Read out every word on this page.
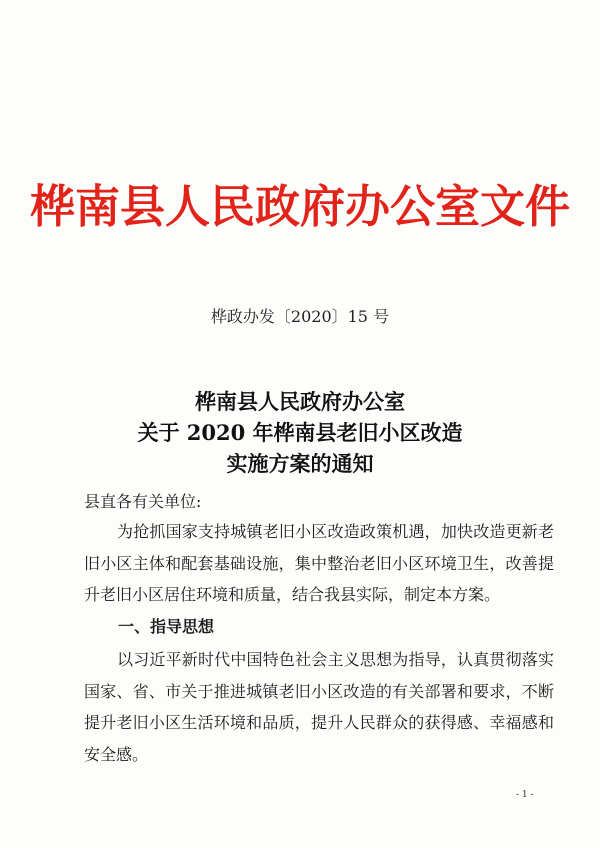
桦南县人民政府办公室文件
桦政办发〔2020〕15 号
桦南县人民政府办公室
关于 2020 年桦南县老旧小区改造
实施方案的通知
县直各有关单位:
为抢抓国家支持城镇老旧小区改造政策机遇，加快改造更新老旧小区主体和配套基础设施，集中整治老旧小区环境卫生，改善提升老旧小区居住环境和质量，结合我县实际，制定本方案。
一、指导思想
以习近平新时代中国特色社会主义思想为指导，认真贯彻落实国家、省、市关于推进城镇老旧小区改造的有关部署和要求，不断提升老旧小区生活环境和品质，提升人民群众的获得感、幸福感和安全感。
- 1 -
